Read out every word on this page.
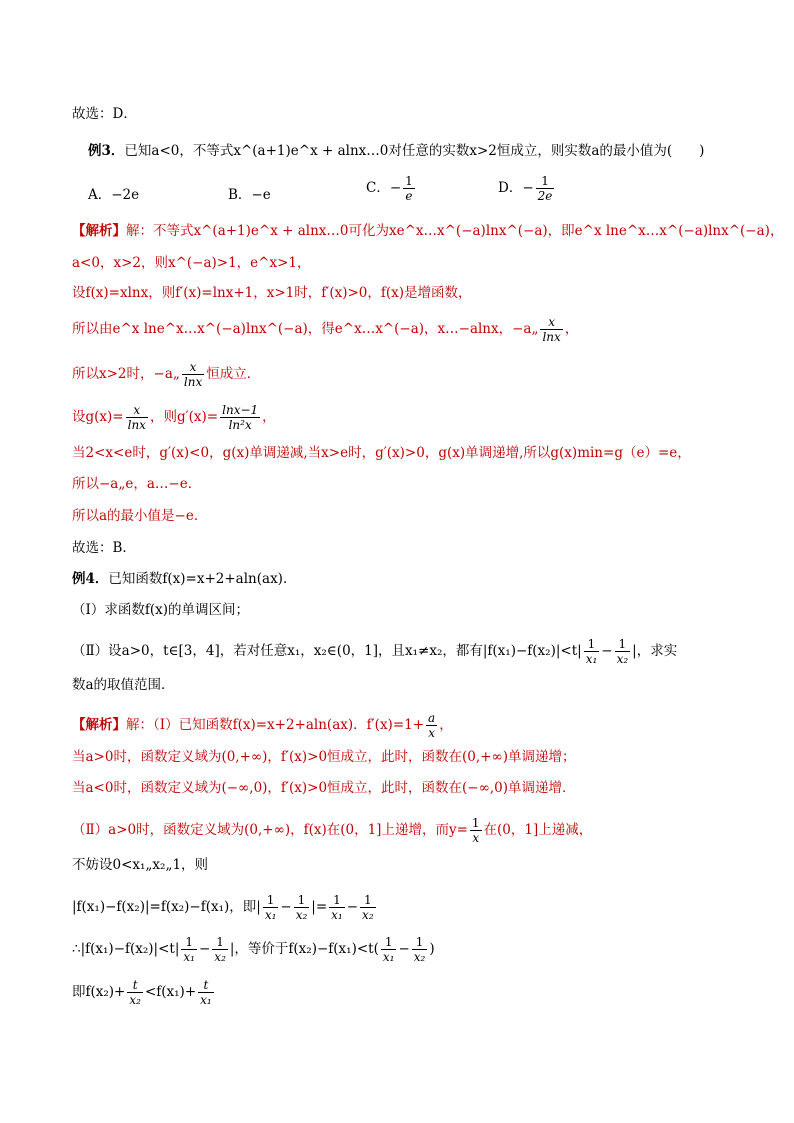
故选：D．
例3．已知a<0，不等式x^(a+1)e^x + alnx…0对任意的实数x>2恒成立，则实数a的最小值为(　　)
A．−2e	B．−e	C．− $\frac{1}{e}$	D．− $\frac{1}{2e}$
【解析】解：不等式x^(a+1)e^x + alnx…0可化为xe^x…x^(−a)lnx^(−a)，即e^x lne^x…x^(−a)lnx^(−a)，
a<0，x>2，则x^(−a)>1，e^x>1，
设f(x)=xlnx，则f′(x)=lnx+1，x>1时，f′(x)>0，f(x)是增函数，
所以由e^x lne^x…x^(−a)lnx^(−a)，得e^x…x^(−a)，x…−alnx，−a„ $\frac{x}{\ln x}$ ，
所以x>2时，−a„ $\frac{x}{\ln x}$ 恒成立．
设$g(x)= \frac{x}{\ln x}$ ，则$g'(x)= \frac{\ln x-1}{\text{ln²x}}$ ，
当2<x<e时，g′(x)<0，g(x)单调递减,当x>e时，g′(x)>0，g(x)单调递增,所以g(x)min=g（e）=e，
所以−a„e，a…−e．
所以a的最小值是−e．
故选：B．
例4．已知函数f(x)=x+2+aln(ax)．
（Ⅰ）求函数f(x)的单调区间；
（Ⅱ）设a>0，t∈[3，4]，若对任意x₁，x₂∈(0，1]，且x₁≠x₂，都有$|f(x_1)-f(x_2)|<t| \frac{1}{\text{x₁}} - \frac{1}{\text{x₂}}$ |，求实
数a的取值范围．
【解析】解：（Ⅰ）已知函数f(x)=x+2+aln(ax)．$f'(x)=1+ \frac{a}{x}$ ，
当a>0时，函数定义域为(0,+∞)，f′(x)>0恒成立，此时，函数在(0,+∞)单调递增；
当a<0时，函数定义域为(−∞,0)，f′(x)>0恒成立，此时，函数在(−∞,0)单调递增．
（Ⅱ）a>0时，函数定义域为(0,+∞)，f(x)在(0，1]上递增，而$y= \frac{1}{x}$ 在(0，1]上递减，
不妨设0<x₁„x₂„1，则
|f(x₁)−f(x₂)|=f(x₂)−f(x₁)，即| $\frac{1}{\text{x₁}} - \frac{1}{\text{x₂}}$ |= $\frac{1}{\text{x₁}} - \frac{1}{\text{x₂}}$
∴|f(x₁)−f(x₂)|<t| $\frac{1}{\text{x₁}} - \frac{1}{\text{x₂}}$ |，等价于$f(x_2)-f(x_1)<t( \frac{1}{\text{x₁}} - \frac{1}{\text{x₂}}$ )
即$f(x_2)+ \frac{t}{\text{x₂}} <f(x_1)+ \frac{t}{\text{x₁}}$
